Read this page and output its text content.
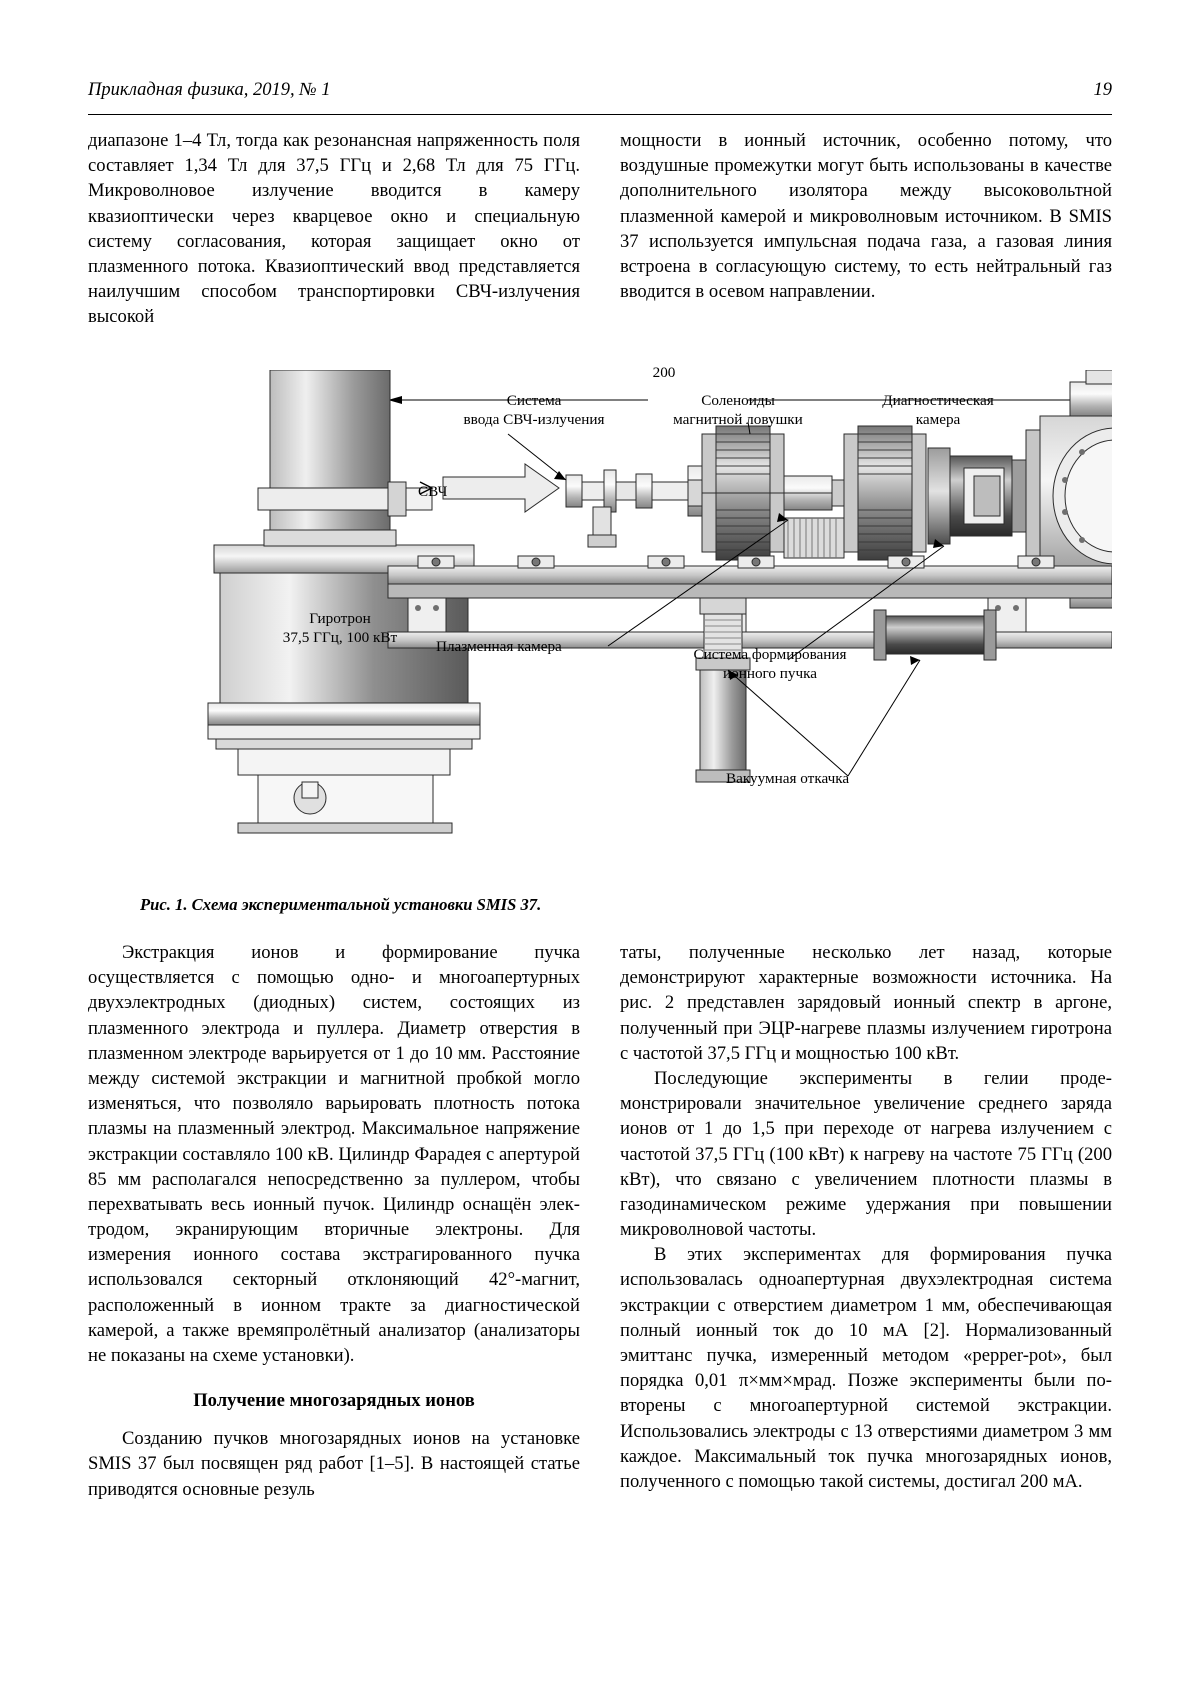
Прикладная физика, 2019, № 1	19

диапазоне 1–4 Тл, тогда как резонансная напряженность поля составляет 1,34 Тл для 37,5 ГГц и 2,68 Тл для 75 ГГц. Микроволновое излучение вводится в камеру квазиоптически через кварцевое окно и специальную систему согласования, которая защищает окно от плазменного потока. Квазиоптический ввод представляется наилучшим способом транспортировки СВЧ-излучения высокой

мощности в ионный источник, особенно потому, что воздушные промежутки могут быть использованы в качестве дополнительного изолятора между высоковольтной плазменной камерой и микроволновым источником. В SMIS 37 используется импульсная подача газа, а газовая линия встроена в согласующую систему, то есть нейтральный газ вводится в осевом направлении.

200
Система
ввода СВЧ-излучения
Соленоиды
магнитной ловушки
Диагностическая
камера
Гиротрон
37,5 ГГц, 100 кВт
СВЧ
Плазменная камера	Система формирования
ионного пучка
Вакуумная откачка
Рис. 1. Схема экспериментальной установки SMIS 37.

Экстракция ионов и формирование пучка осуществляется с помощью одно- и многоапертурных двухэлектродных (диодных) систем, состоящих из плазменного электрода и пуллера. Диаметр отверстия в плазменном электроде варьируется от 1 до 10 мм. Расстояние между системой экстракции и магнитной пробкой могло изменяться, что позволяло варьировать плотность потока плазмы на плазменный электрод. Максимальное напряжение экстракции составляло 100 кВ. Цилиндр Фарадея с апертурой 85 мм располагался непосредственно за пуллером, чтобы перехватывать весь ионный пучок. Цилиндр оснащён электродом, экранирующим вторичные электроны. Для измерения ионного состава экстрагированного пучка использовался секторный отклоняющий 42°-магнит, расположенный в ионном тракте за диагностической камерой, а также времяпролётный анализатор (анализаторы не показаны на схеме установки).

Получение многозарядных ионов

Созданию пучков многозарядных ионов на установке SMIS 37 был посвящен ряд работ [1–5]. В настоящей статье приводятся основные резуль

таты, полученные несколько лет назад, которые демонстрируют характерные возможности источника. На рис. 2 представлен зарядовый ионный спектр в аргоне, полученный при ЭЦР-нагреве плазмы излучением гиротрона с частотой 37,5 ГГц и мощностью 100 кВт.

Последующие эксперименты в гелии продемонстрировали значительное увеличение среднего заряда ионов от 1 до 1,5 при переходе от нагрева излучением с частотой 37,5 ГГц (100 кВт) к нагреву на частоте 75 ГГц (200 кВт), что связано с увеличением плотности плазмы в газодинамическом режиме удержания при повышении микроволновой частоты.

В этих экспериментах для формирования пучка использовалась одноапертурная двухэлектродная система экстракции с отверстием диаметром 1 мм, обеспечивающая полный ионный ток до 10 мА [2]. Нормализованный эмиттанс пучка, измеренный методом «pepper-pot», был порядка 0,01 π×мм×мрад. Позже эксперименты были повторены с многоапертурной системой экстракции. Использовались электроды с 13 отверстиями диаметром 3 мм каждое. Максимальный ток пучка многозарядных ионов, полученного с помощью такой системы, достигал 200 мА.
